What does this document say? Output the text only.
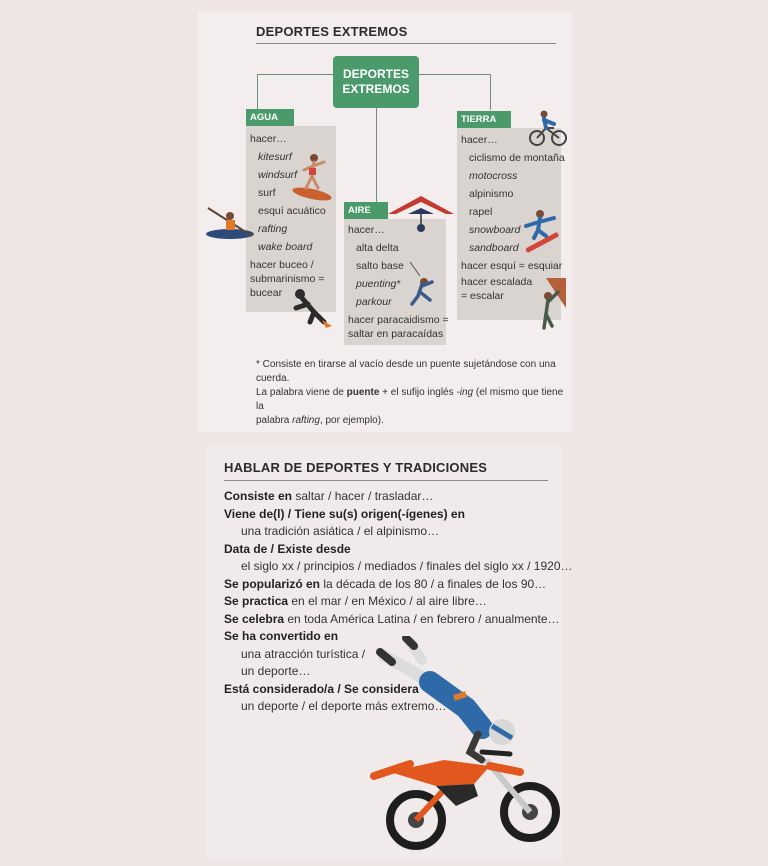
DEPORTES EXTREMOS
DEPORTES
EXTREMOS
AGUA
hacer…
kitesurf
windsurf
surf
esquí acuático
rafting
wake board
hacer buceo /
submarinismo =
bucear
AIRE
hacer…
alta delta
salto base
puenting*
parkour
hacer paracaidismo =
saltar en paracaídas
TIERRA
hacer…
ciclismo de montaña
motocross
alpinismo
rapel
snowboard
sandboard
hacer esquí = esquiar
hacer escalada
= escalar
* Consiste en tirarse al vacío desde un puente sujetándose con una cuerda.
La palabra viene de puente + el sufijo inglés -ing (el mismo que tiene la
palabra rafting, por ejemplo).
HABLAR DE DEPORTES Y TRADICIONES
Consiste en saltar / hacer / trasladar…
Viene de(l) / Tiene su(s) origen(-ígenes) en
una tradición asiática / el alpinismo…
Data de / Existe desde
el siglo xx / principios / mediados / finales del siglo xx / 1920…
Se popularizó en la década de los 80 / a finales de los 90…
Se practica en el mar / en México / al aire libre…
Se celebra en toda América Latina / en febrero / anualmente…
Se ha convertido en
una atracción turística /
un deporte…
Está considerado/a / Se considera
un deporte / el deporte más extremo…
